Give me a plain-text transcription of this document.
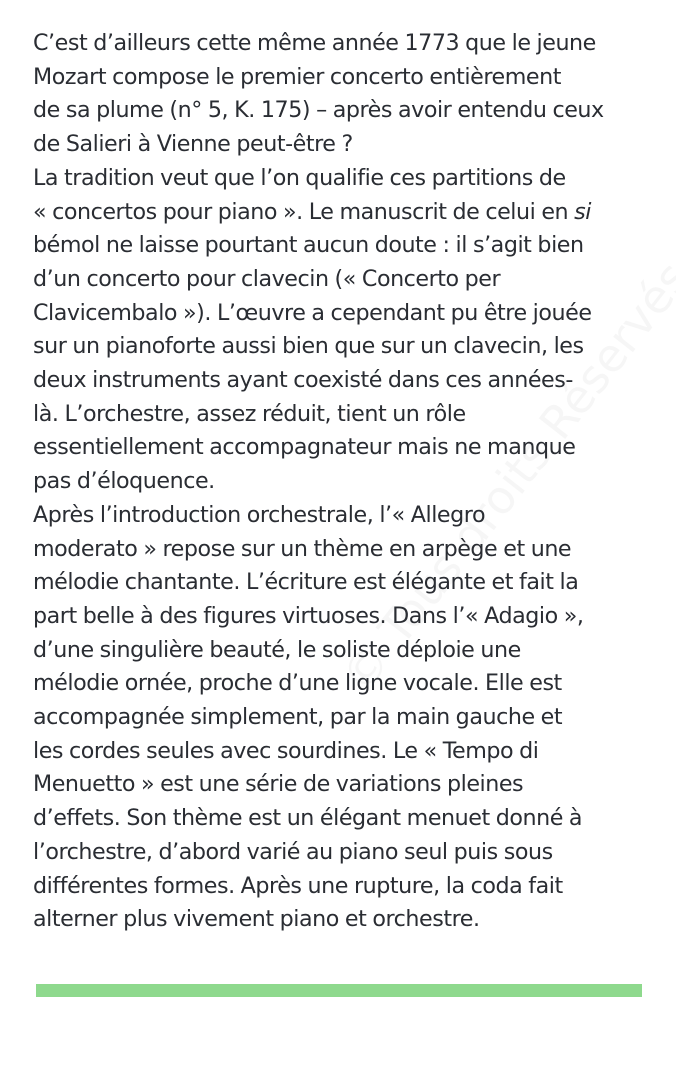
C’est d’ailleurs cette même année 1773 que le jeune
Mozart compose le premier concerto entièrement
de sa plume (n° 5, K. 175) – après avoir entendu ceux
de Salieri à Vienne peut-être ?
La tradition veut que l’on qualifie ces partitions de
« concertos pour piano ». Le manuscrit de celui en si
bémol ne laisse pourtant aucun doute : il s’agit bien
d’un concerto pour clavecin (« Concerto per
Clavicembalo »). L’œuvre a cependant pu être jouée
sur un pianoforte aussi bien que sur un clavecin, les
deux instruments ayant coexisté dans ces années-
là. L’orchestre, assez réduit, tient un rôle
essentiellement accompagnateur mais ne manque
pas d’éloquence.
Après l’introduction orchestrale, l’« Allegro
moderato » repose sur un thème en arpège et une
mélodie chantante. L’écriture est élégante et fait la
part belle à des figures virtuoses. Dans l’« Adagio »,
d’une singulière beauté, le soliste déploie une
mélodie ornée, proche d’une ligne vocale. Elle est
accompagnée simplement, par la main gauche et
les cordes seules avec sourdines. Le « Tempo di
Menuetto » est une série de variations pleines
d’effets. Son thème est un élégant menuet donné à
l’orchestre, d’abord varié au piano seul puis sous
différentes formes. Après une rupture, la coda fait
alterner plus vivement piano et orchestre.
